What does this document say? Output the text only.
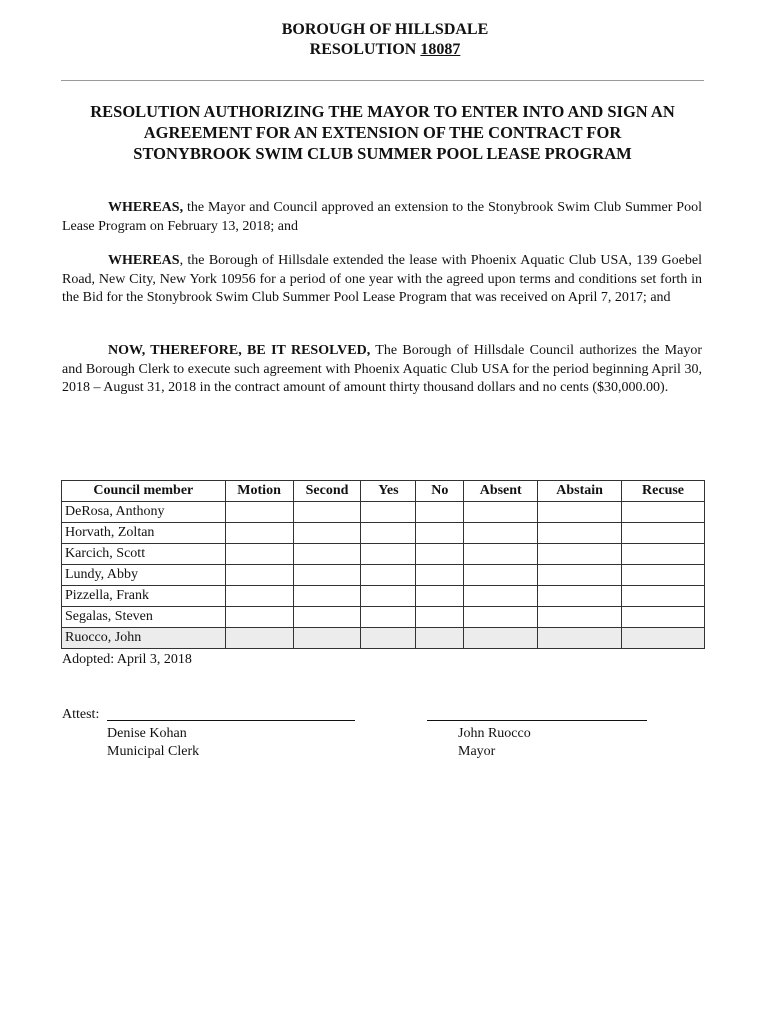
BOROUGH OF HILLSDALE
RESOLUTION 18087
RESOLUTION AUTHORIZING THE MAYOR TO ENTER INTO AND SIGN AN
AGREEMENT FOR AN EXTENSION OF THE CONTRACT FOR
STONYBROOK SWIM CLUB SUMMER POOL LEASE PROGRAM
WHEREAS, the Mayor and Council approved an extension to the Stonybrook Swim Club Summer Pool Lease Program on February 13, 2018; and
WHEREAS, the Borough of Hillsdale extended the lease with Phoenix Aquatic Club USA, 139 Goebel Road, New City, New York 10956 for a period of one year with the agreed upon terms and conditions set forth in the Bid for the Stonybrook Swim Club Summer Pool Lease Program that was received on April 7, 2017; and
NOW, THEREFORE, BE IT RESOLVED, The Borough of Hillsdale Council authorizes the Mayor and Borough Clerk to execute such agreement with Phoenix Aquatic Club USA for the period beginning April 30, 2018 – August 31, 2018 in the contract amount of amount thirty thousand dollars and no cents ($30,000.00).
Council member	Motion	Second	Yes	No	Absent	Abstain	Recuse
DeRosa, Anthony							
Horvath, Zoltan							
Karcich, Scott							
Lundy, Abby							
Pizzella, Frank							
Segalas, Steven							
Ruocco, John							
Adopted: April 3, 2018
Attest:
Denise Kohan
Municipal Clerk
John Ruocco
Mayor
